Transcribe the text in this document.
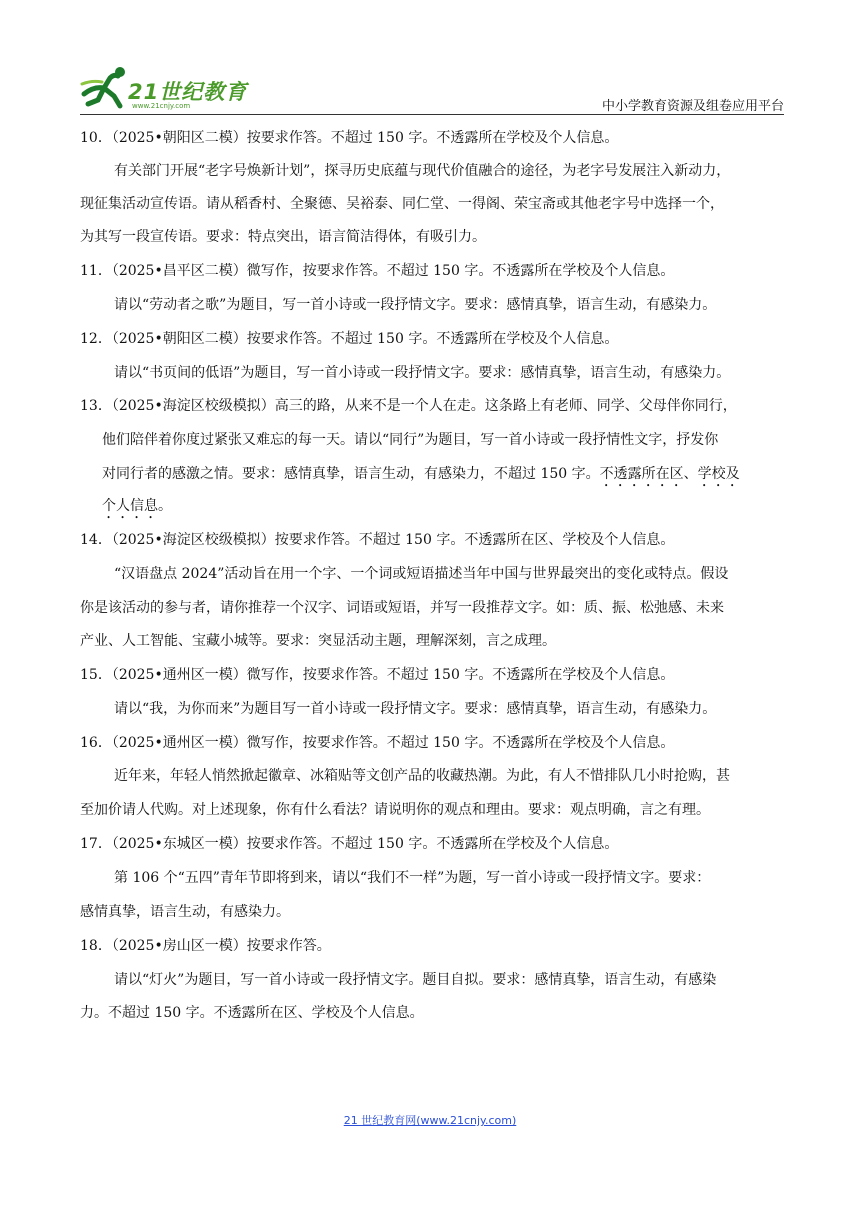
21世纪教育
www.21cnjy.com	中小学教育资源及组卷应用平台
10．（2025•朝阳区二模）按要求作答。不超过 150 字。不透露所在学校及个人信息。
有关部门开展“老字号焕新计划”，探寻历史底蕴与现代价值融合的途径，为老字号发展注入新动力，
现征集活动宣传语。请从稻香村、全聚德、吴裕泰、同仁堂、一得阁、荣宝斋或其他老字号中选择一个，
为其写一段宣传语。要求：特点突出，语言简洁得体，有吸引力。
11．（2025•昌平区二模）微写作，按要求作答。不超过 150 字。不透露所在学校及个人信息。
请以“劳动者之歌”为题目，写一首小诗或一段抒情文字。要求：感情真挚，语言生动，有感染力。
12．（2025•朝阳区二模）按要求作答。不超过 150 字。不透露所在学校及个人信息。
请以“书页间的低语”为题目，写一首小诗或一段抒情文字。要求：感情真挚，语言生动，有感染力。
13．（2025•海淀区校级模拟）高三的路，从来不是一个人在走。这条路上有老师、同学、父母伴你同行，
他们陪伴着你度过紧张又难忘的每一天。请以“同行”为题目，写一首小诗或一段抒情性文字，抒发你
对同行者的感激之情。要求：感情真挚，语言生动，有感染力，不超过 150 字。不透露所在区、学校及
个人信息。
14．（2025•海淀区校级模拟）按要求作答。不超过 150 字。不透露所在区、学校及个人信息。
“汉语盘点 2024”活动旨在用一个字、一个词或短语描述当年中国与世界最突出的变化或特点。假设
你是该活动的参与者，请你推荐一个汉字、词语或短语，并写一段推荐文字。如：质、振、松弛感、未来
产业、人工智能、宝藏小城等。要求：突显活动主题，理解深刻，言之成理。
15．（2025•通州区一模）微写作，按要求作答。不超过 150 字。不透露所在学校及个人信息。
请以“我，为你而来”为题目写一首小诗或一段抒情文字。要求：感情真挚，语言生动，有感染力。
16．（2025•通州区一模）微写作，按要求作答。不超过 150 字。不透露所在学校及个人信息。
近年来，年轻人悄然掀起徽章、冰箱贴等文创产品的收藏热潮。为此，有人不惜排队几小时抢购，甚
至加价请人代购。对上述现象，你有什么看法？请说明你的观点和理由。要求：观点明确，言之有理。
17．（2025•东城区一模）按要求作答。不超过 150 字。不透露所在学校及个人信息。
第 106 个“五四”青年节即将到来，请以“我们不一样”为题，写一首小诗或一段抒情文字。要求：
感情真挚，语言生动，有感染力。
18．（2025•房山区一模）按要求作答。
请以“灯火”为题目，写一首小诗或一段抒情文字。题目自拟。要求：感情真挚，语言生动，有感染
力。不超过 150 字。不透露所在区、学校及个人信息。
21 世纪教育网(www.21cnjy.com)
